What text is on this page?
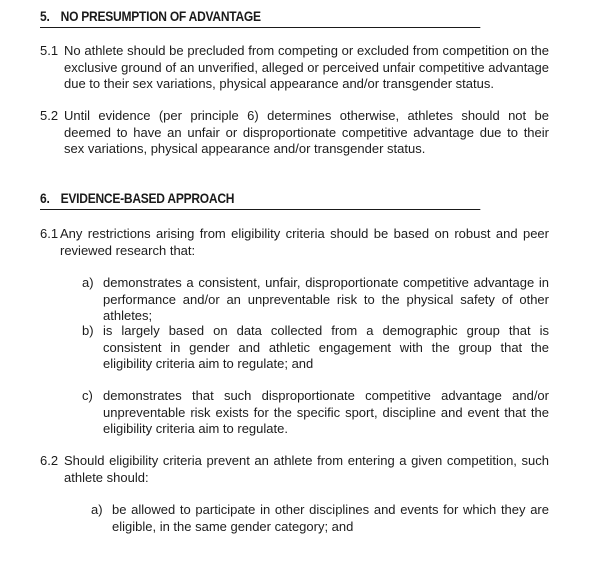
5. NO PRESUMPTION OF ADVANTAGE
5.1 No athlete should be precluded from competing or excluded from competition on the exclusive ground of an unverified, alleged or perceived unfair competitive advantage due to their sex variations, physical appearance and/or transgender status.
5.2 Until evidence (per principle 6) determines otherwise, athletes should not be deemed to have an unfair or disproportionate competitive advantage due to their sex variations, physical appearance and/or transgender status.
6. EVIDENCE-BASED APPROACH
6.1 Any restrictions arising from eligibility criteria should be based on robust and peer reviewed research that:
a) demonstrates a consistent, unfair, disproportionate competitive advantage in performance and/or an unpreventable risk to the physical safety of other athletes;
b) is largely based on data collected from a demographic group that is consistent in gender and athletic engagement with the group that the eligibility criteria aim to regulate; and
c) demonstrates that such disproportionate competitive advantage and/or unpreventable risk exists for the specific sport, discipline and event that the eligibility criteria aim to regulate.
6.2 Should eligibility criteria prevent an athlete from entering a given competition, such athlete should:
a) be allowed to participate in other disciplines and events for which they are eligible, in the same gender category; and
